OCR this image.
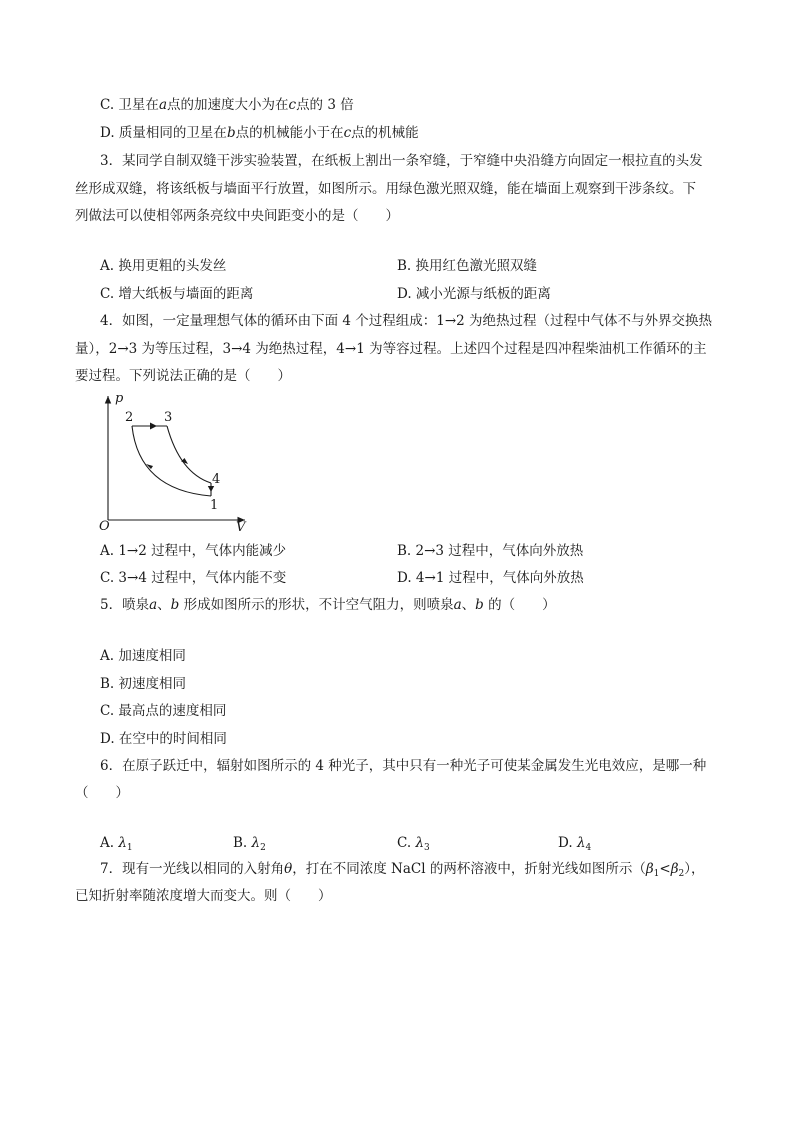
C. 卫星在a点的加速度大小为在c点的 3 倍
D. 质量相同的卫星在b点的机械能小于在c点的机械能
3．某同学自制双缝干涉实验装置，在纸板上割出一条窄缝，于窄缝中央沿缝方向固定一根拉直的头发
丝形成双缝，将该纸板与墙面平行放置，如图所示。用绿色激光照双缝，能在墙面上观察到干涉条纹。下
列做法可以使相邻两条亮纹中央间距变小的是（　　）
A. 换用更粗的头发丝	B. 换用红色激光照双缝
C. 增大纸板与墙面的距离	D. 减小光源与纸板的距离
4．如图，一定量理想气体的循环由下面 4 个过程组成：1→2 为绝热过程（过程中气体不与外界交换热
量），2→3 为等压过程，3→4 为绝热过程，4→1 为等容过程。上述四个过程是四冲程柴油机工作循环的主
要过程。下列说法正确的是（　　）
p
V
O
2 3
4
1
A. 1→2 过程中，气体内能减少	B. 2→3 过程中，气体向外放热
C. 3→4 过程中，气体内能不变	D. 4→1 过程中，气体向外放热
5．喷泉a、b 形成如图所示的形状，不计空气阻力，则喷泉a、b 的（　　）
A. 加速度相同
B. 初速度相同
C. 最高点的速度相同
D. 在空中的时间相同
6．在原子跃迁中，辐射如图所示的 4 种光子，其中只有一种光子可使某金属发生光电效应，是哪一种
（　　）
A. $\lambda_1$	B. $\lambda_2$	C. $\lambda_3$	D. $\lambda_4$
7．现有一光线以相同的入射角θ，打在不同浓度 NaCl 的两杯溶液中，折射光线如图所示$(\beta_1<\beta_2)$，
已知折射率随浓度增大而变大。则（　　）
